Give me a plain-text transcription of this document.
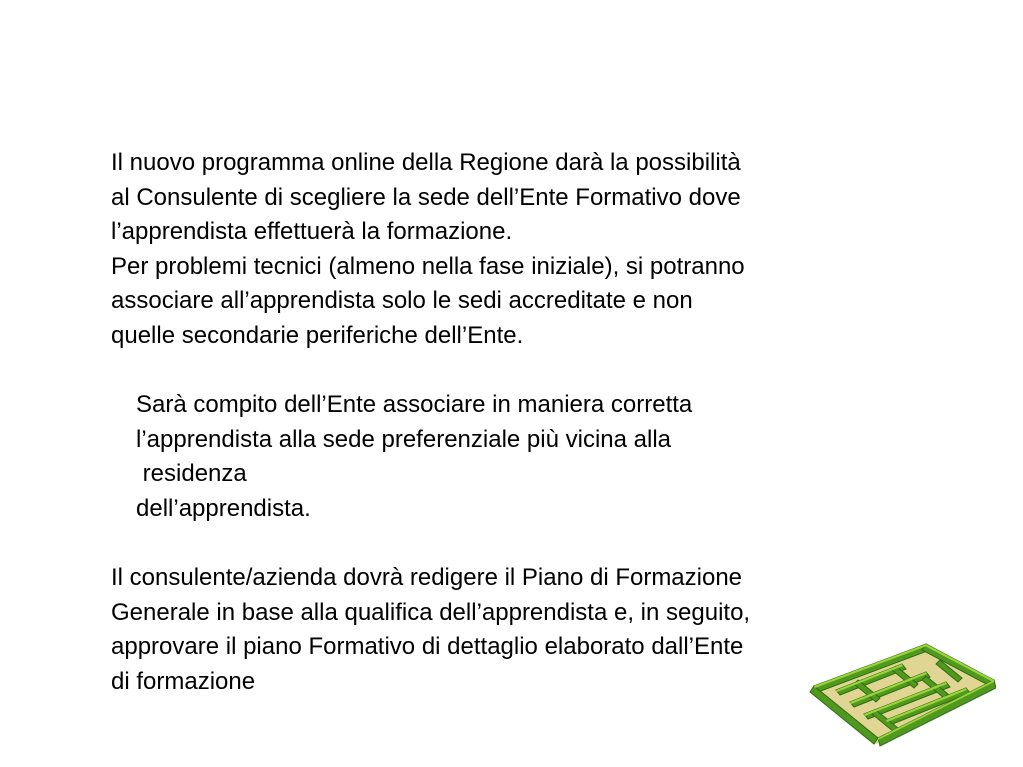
Il nuovo programma online della Regione darà la possibilità
al Consulente di scegliere la sede dell’Ente Formativo dove
l’apprendista effettuerà la formazione.
Per problemi tecnici (almeno nella fase iniziale), si potranno
associare all’apprendista solo le sedi accreditate e non
quelle secondarie periferiche dell’Ente.
Sarà compito dell’Ente associare in maniera corretta
l’apprendista alla sede preferenziale più vicina alla
residenza
dell’apprendista.
Il consulente/azienda dovrà redigere il Piano di Formazione
Generale in base alla qualifica dell’apprendista e, in seguito,
approvare il piano Formativo di dettaglio elaborato dall’Ente
di formazione
